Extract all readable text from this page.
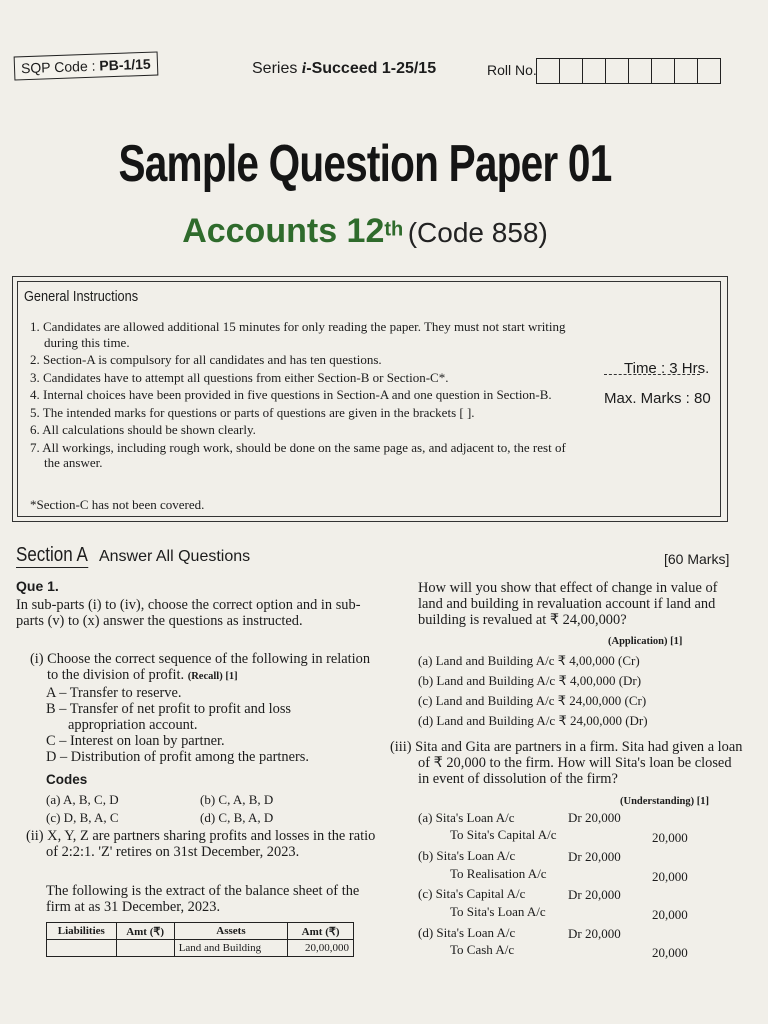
SQP Code : PB-1/15	Series i-Succeed 1-25/15	Roll No.
Sample Question Paper 01
Accounts 12th (Code 858)
General Instructions
1. Candidates are allowed additional 15 minutes for only reading the paper. They must not start writing during this time.
2. Section-A is compulsory for all candidates and has ten questions.
3. Candidates have to attempt all questions from either Section-B or Section-C*.
4. Internal choices have been provided in five questions in Section-A and one question in Section-B.
5. The intended marks for questions or parts of questions are given in the brackets [ ].
6. All calculations should be shown clearly.
7. All workings, including rough work, should be done on the same page as, and adjacent to, the rest of the answer.
*Section-C has not been covered.
Time : 3 Hrs.
Max. Marks : 80
Section A Answer All Questions	[60 Marks]
Que 1.
In sub-parts (i) to (iv), choose the correct option and in sub-parts (v) to (x) answer the questions as instructed.
(i) Choose the correct sequence of the following in relation to the division of profit. (Recall) [1]
A – Transfer to reserve.
B – Transfer of net profit to profit and loss appropriation account.
C – Interest on loan by partner.
D – Distribution of profit among the partners.
Codes
(a) A, B, C, D	(b) C, A, B, D
(c) D, B, A, C	(d) C, B, A, D
(ii) X, Y, Z are partners sharing profits and losses in the ratio of 2:2:1. 'Z' retires on 31st December, 2023.
The following is the extract of the balance sheet of the firm at as 31 December, 2023.
Liabilities	Amt (₹)	Assets	Amt (₹)
		Land and Building	20,00,000
How will you show that effect of change in value of land and building in revaluation account if land and building is revalued at ₹ 24,00,000?
(Application) [1]
(a) Land and Building A/c ₹ 4,00,000 (Cr)
(b) Land and Building A/c ₹ 4,00,000 (Dr)
(c) Land and Building A/c ₹ 24,00,000 (Cr)
(d) Land and Building A/c ₹ 24,00,000 (Dr)
(iii) Sita and Gita are partners in a firm. Sita had given a loan of ₹ 20,000 to the firm. How will Sita's loan be closed in event of dissolution of the firm?
(Understanding) [1]
(a) Sita's Loan A/c	Dr 20,000
To Sita's Capital A/c	20,000
(b) Sita's Loan A/c	Dr 20,000
To Realisation A/c	20,000
(c) Sita's Capital A/c	Dr 20,000
To Sita's Loan A/c	20,000
(d) Sita's Loan A/c	Dr 20,000
To Cash A/c	20,000
